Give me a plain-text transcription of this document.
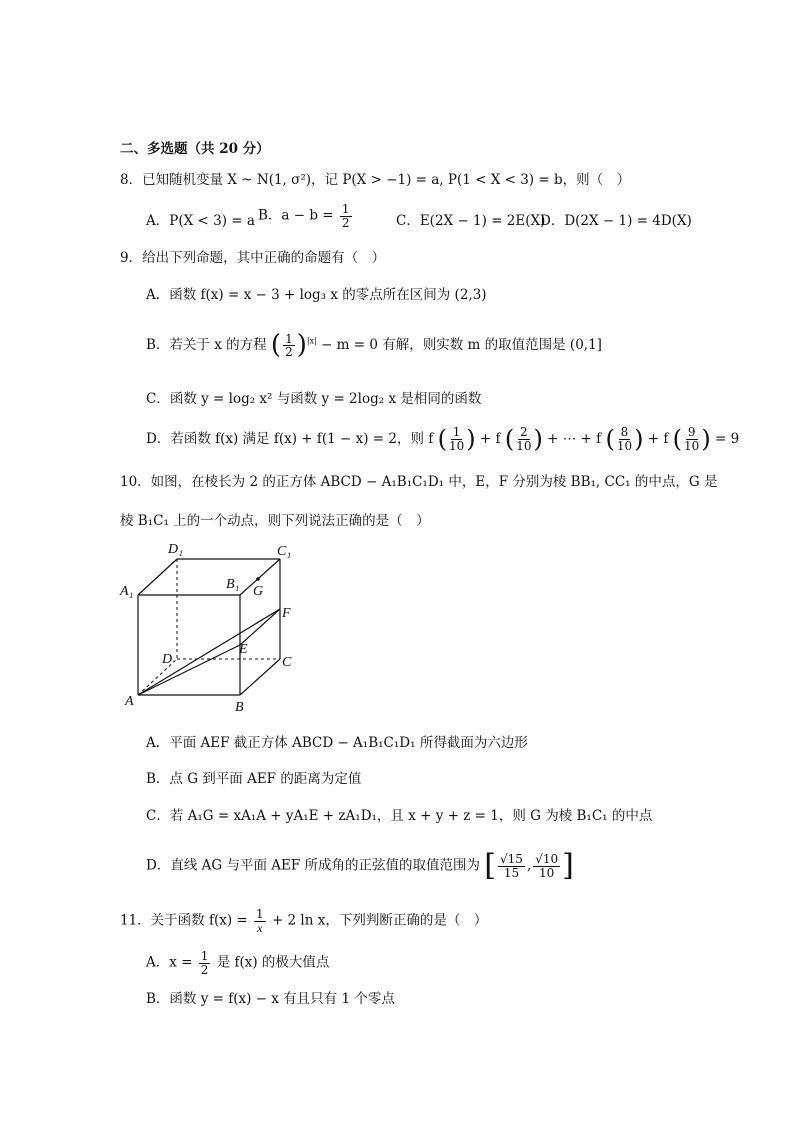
二、多选题（共 20 分）
8．已知随机变量 X ~ N(1, σ²)，记 P(X > −1) = a, P(1 < X < 3) = b，则（　）
A．P(X < 3) = a B．$a - b = \frac{1}{2}$	C．E(2X − 1) = 2E(X)
D．D(2X − 1) = 4D(X)
9．给出下列命题，其中正确的命题有（　）
A．函数 f(x) = x − 3 + log₃ x 的零点所在区间为 (2,3)
B．若关于 x 的方程 ( $\frac{1}{2} )^{|x|} - m = 0$ 有解，则实数 m 的取值范围是 (0,1]
C．函数 y = log₂ x² 与函数 y = 2log₂ x 是相同的函数
D．若函数 f(x) 满足 f(x) + f(1 − x) = 2，则 f ( $\frac{1}{10}$ ) + f ( $\frac{2}{10}$ ) + ⋯ + f ( $\frac{8}{10}$ ) + f ( $\frac{9}{10}$ ) = 9
10．如图，在棱长为 2 的正方体 ABCD − A₁B₁C₁D₁ 中，E，F 分别为棱 BB₁, CC₁ 的中点，G 是
棱 B₁C₁ 上的一个动点，则下列说法正确的是（　）
D₁	C₁
A₁	B₁ G
F
D
E
C
A	B
A．平面 AEF 截正方体 ABCD − A₁B₁C₁D₁ 所得截面为六边形
B．点 G 到平面 AEF 的距离为定值
C．若 A₁G = xA₁A + yA₁E + zA₁D₁，且 x + y + z = 1，则 G 为棱 B₁C₁ 的中点
D．直线 AG 与平面 AEF 所成角的正弦值的取值范围为 [ $\frac{√15}{15}$ , $\frac{√10}{10}$ ]
11．关于函数 $f(x) = \frac{1}{x} + 2$ ln x，下列判断正确的是（　）
A．$x = \frac{1}{2}$ 是 f(x) 的极大值点
B．函数 y = f(x) − x 有且只有 1 个零点
